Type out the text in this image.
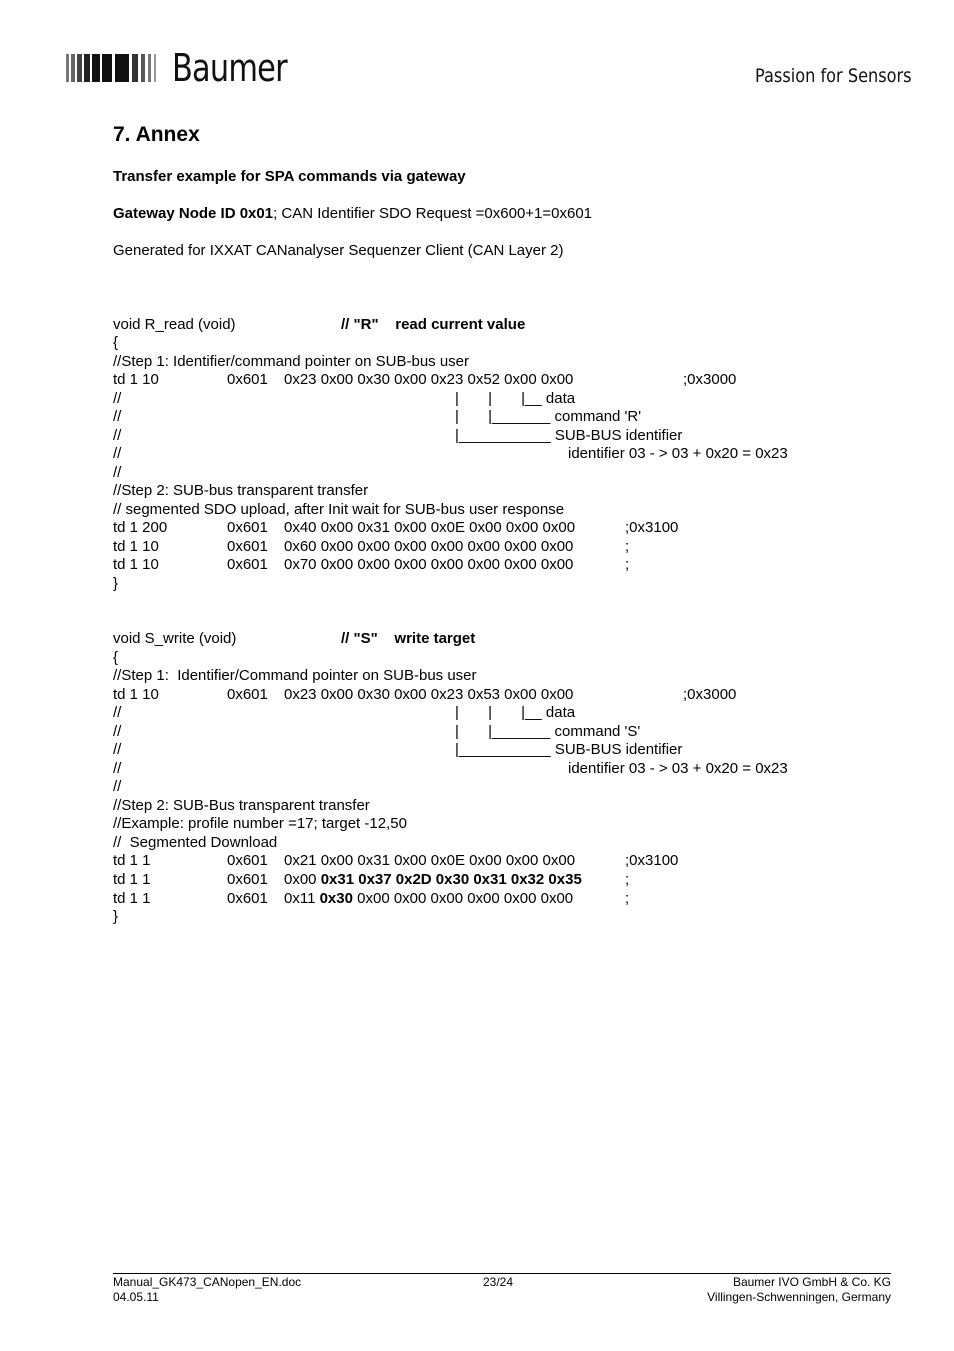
Baumer	Passion for Sensors
7. Annex
Transfer example for SPA commands via gateway
Gateway Node ID 0x01; CAN Identifier SDO Request =0x600+1=0x601
Generated for IXXAT CANanalyser Sequenzer Client (CAN Layer 2)
void R_read (void)	// "R"    read current value
{
//Step 1: Identifier/command pointer on SUB-bus user
td 1 10	0x601 0x23 0x00 0x30 0x00 0x23 0x52 0x00 0x00	;0x3000
//	|       |       |__ data
//	|       |_______ command 'R'
//	|___________ SUB-BUS identifier
//	identifier 03 - > 03 + 0x20 = 0x23
//
//Step 2: SUB-bus transparent transfer
// segmented SDO upload, after Init wait for SUB-bus user response
td 1 200	0x601 0x40 0x00 0x31 0x00 0x0E 0x00 0x00 0x00	;0x3100
td 1 10	0x601 0x60 0x00 0x00 0x00 0x00 0x00 0x00 0x00	;
td 1 10	0x601 0x70 0x00 0x00 0x00 0x00 0x00 0x00 0x00	;
}
void S_write (void)	// "S"    write target
{
//Step 1:  Identifier/Command pointer on SUB-bus user
td 1 10	0x601 0x23 0x00 0x30 0x00 0x23 0x53 0x00 0x00	;0x3000
//	|       |       |__ data
//	|       |_______ command 'S'
//	|___________ SUB-BUS identifier
//	identifier 03 - > 03 + 0x20 = 0x23
//
//Step 2: SUB-Bus transparent transfer
//Example: profile number =17; target -12,50
//  Segmented Download
td 1 1	0x601 0x21 0x00 0x31 0x00 0x0E 0x00 0x00 0x00	;0x3100
td 1 1	0x601 0x00 0x31 0x37 0x2D 0x30 0x31 0x32 0x35	;
td 1 1	0x601 0x11 0x30 0x00 0x00 0x00 0x00 0x00 0x00	;
}
Manual_GK473_CANopen_EN.doc
04.05.11
23/24	Baumer IVO GmbH & Co. KG
Villingen-Schwenningen, Germany
